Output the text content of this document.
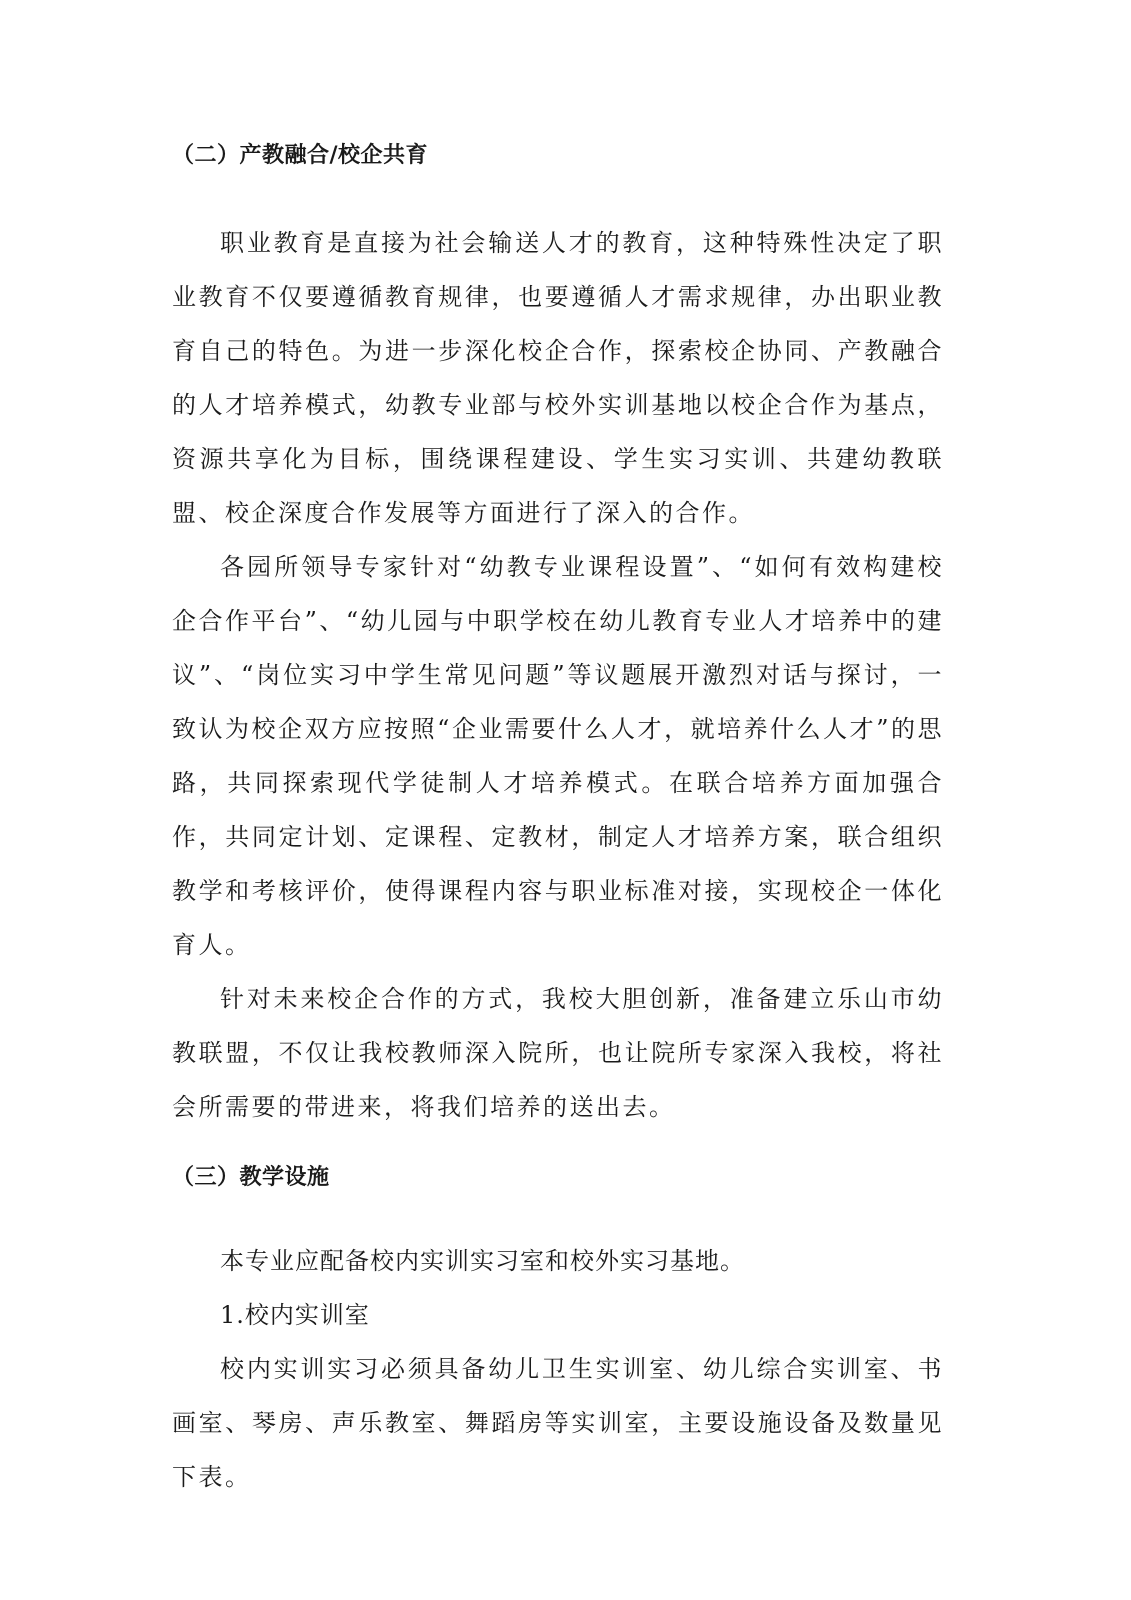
（二）产教融合/校企共育

职业教育是直接为社会输送人才的教育，这种特殊性决定了职业教育不仅要遵循教育规律，也要遵循人才需求规律，办出职业教育自己的特色。为进一步深化校企合作，探索校企协同、产教融合的人才培养模式，幼教专业部与校外实训基地以校企合作为基点，资源共享化为目标，围绕课程建设、学生实习实训、共建幼教联盟、校企深度合作发展等方面进行了深入的合作。

各园所领导专家针对“幼教专业课程设置”、“如何有效构建校企合作平台”、“幼儿园与中职学校在幼儿教育专业人才培养中的建议”、“岗位实习中学生常见问题”等议题展开激烈对话与探讨，一致认为校企双方应按照“企业需要什么人才，就培养什么人才”的思路，共同探索现代学徒制人才培养模式。在联合培养方面加强合作，共同定计划、定课程、定教材，制定人才培养方案，联合组织教学和考核评价，使得课程内容与职业标准对接，实现校企一体化育人。

针对未来校企合作的方式，我校大胆创新，准备建立乐山市幼教联盟，不仅让我校教师深入院所，也让院所专家深入我校，将社会所需要的带进来，将我们培养的送出去。

（三）教学设施

本专业应配备校内实训实习室和校外实习基地。

1.校内实训室

校内实训实习必须具备幼儿卫生实训室、幼儿综合实训室、书画室、琴房、声乐教室、舞蹈房等实训室，主要设施设备及数量见下表。
